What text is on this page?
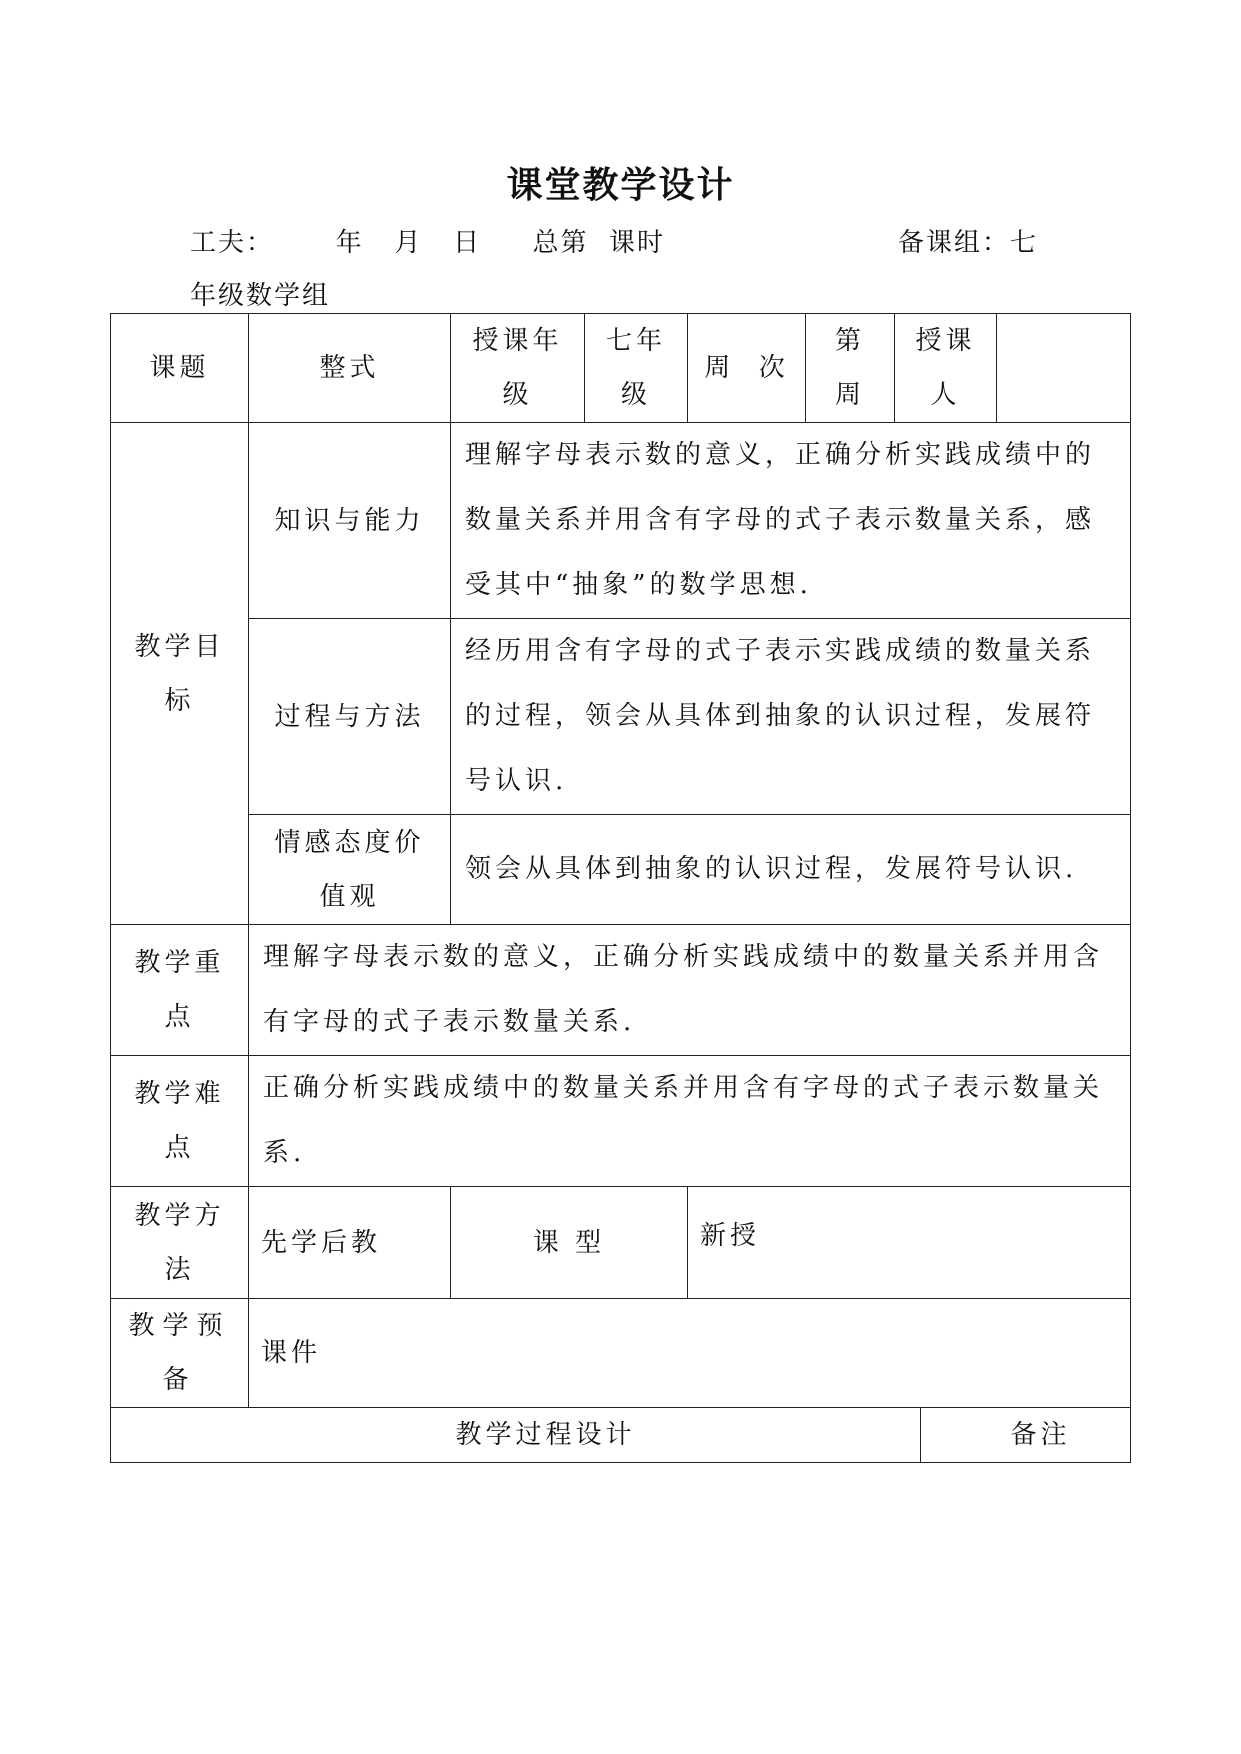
课堂教学设计
工夫：      年   月   日     总第  课时	备课组：七
年级数学组
课题	整式	授课年级	七年级	周  次	第周	授课人		
教学目标	知识与能力	理解字母表示数的意义，正确分析实践成绩中的数量关系并用含有字母的式子表示数量关系，感受其中“抽象”的数学思想.						
	过程与方法	经历用含有字母的式子表示实践成绩的数量关系的过程，领会从具体到抽象的认识过程，发展符号认识.						
	情感态度价值观	领会从具体到抽象的认识过程，发展符号认识.						
教学重点	理解字母表示数的意义，正确分析实践成绩中的数量关系并用含有字母的式子表示数量关系.							
教学难点	正确分析实践成绩中的数量关系并用含有字母的式子表示数量关系.							
教学方法	先学后教	课 型		新授				
教学预备	课件							
教学过程设计							备注	
